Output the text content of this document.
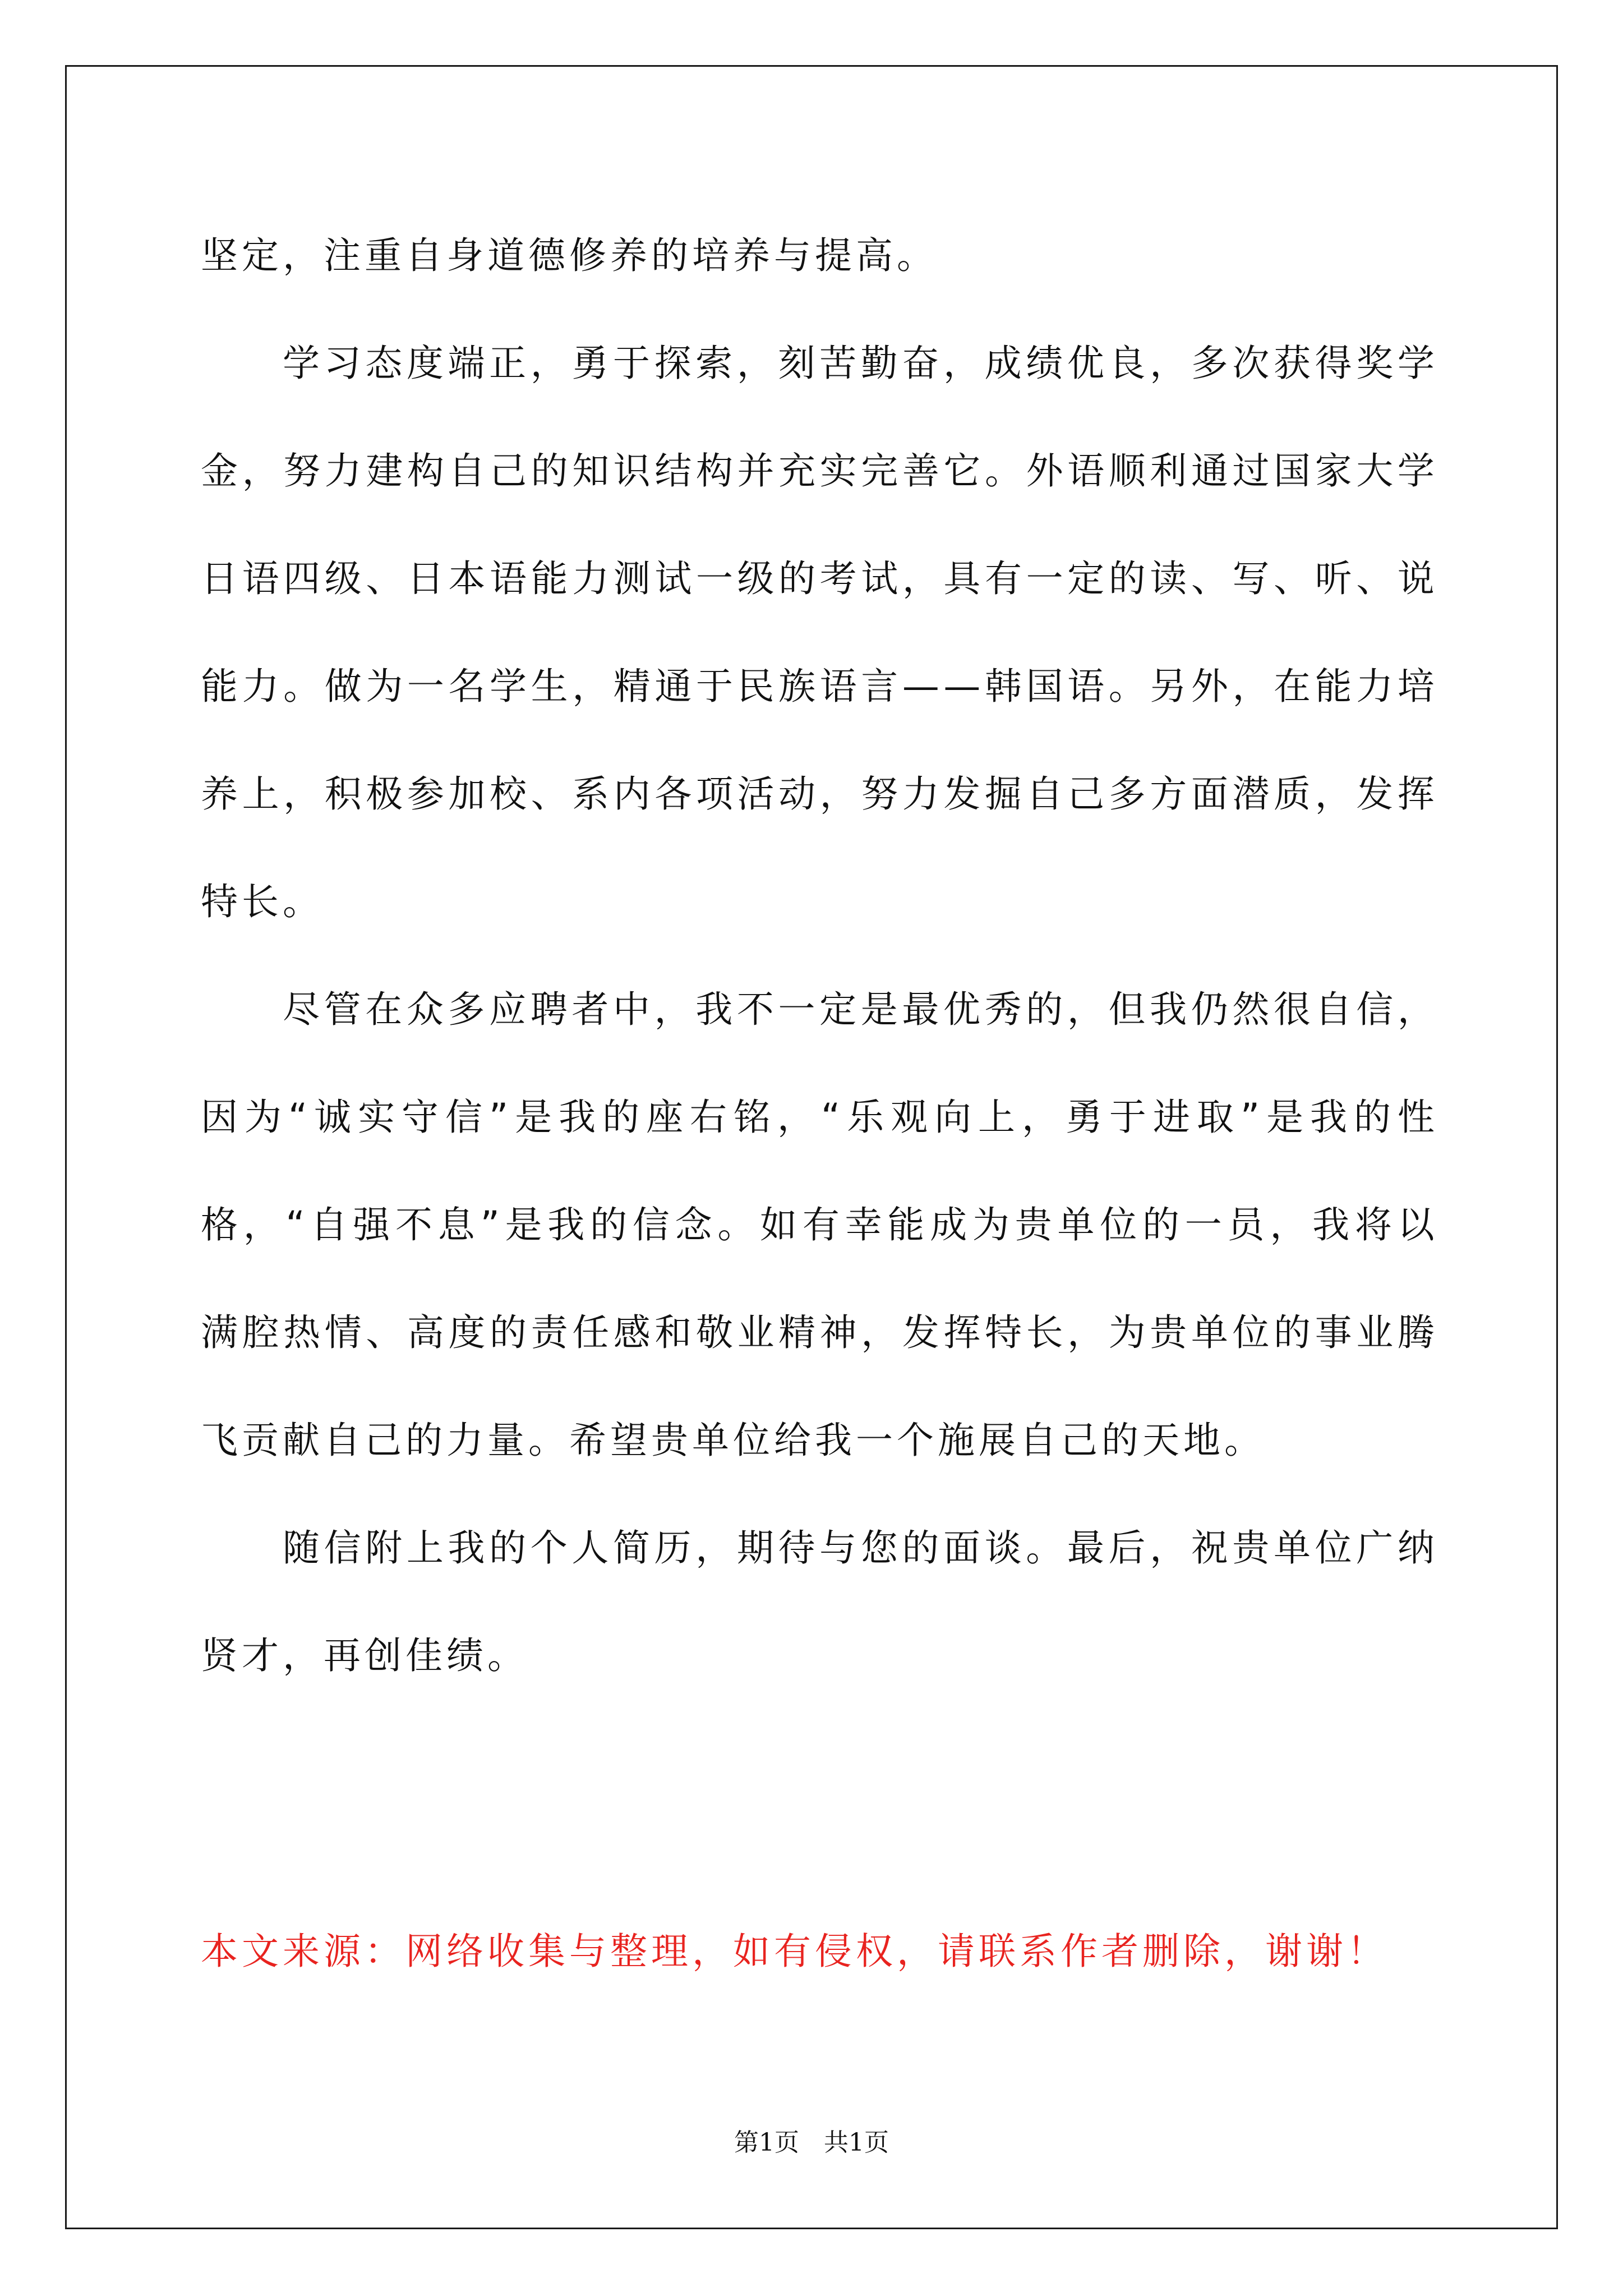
坚定，注重自身道德修养的培养与提高。
学 习 态 度 端 正 ， 勇 于 探 索 ， 刻 苦 勤 奋 ， 成 绩 优 良 ， 多 次 获 得 奖 学
金 ， 努 力 建 构 自 己 的 知 识 结 构 并 充 实 完 善 它 。 外 语 顺 利 通 过 国 家 大 学
日 语 四 级 、 日 本 语 能 力 测 试 一 级 的 考 试 ， 具 有 一 定 的 读 、 写 、 听 、 说
能 力 。 做 为 一 名 学 生 ， 精 通 于 民 族 语 言 — — 韩 国 语 。 另 外 ， 在 能 力 培
养 上 ， 积 极 参 加 校 、 系 内 各 项 活 动 ， 努 力 发 掘 自 己 多 方 面 潜 质 ， 发 挥
特长。
尽 管 在 众 多 应 聘 者 中 ， 我 不 一 定 是 最 优 秀 的 ， 但 我 仍 然 很 自 信 ，
因 为 “ 诚 实 守 信 ” 是 我 的 座 右 铭 ， “ 乐 观 向 上 ， 勇 于 进 取 ” 是 我 的 性
格 ， “ 自 强 不 息 ” 是 我 的 信 念 。 如 有 幸 能 成 为 贵 单 位 的 一 员 ， 我 将 以
满 腔 热 情 、 高 度 的 责 任 感 和 敬 业 精 神 ， 发 挥 特 长 ， 为 贵 单 位 的 事 业 腾
飞贡献自己的力量。希望贵单位给我一个施展自己的天地。
随 信 附 上 我 的 个 人 简 历 ， 期 待 与 您 的 面 谈 。 最 后 ， 祝 贵 单 位 广 纳
贤才，再创佳绩。
本文来源：网络收集与整理，如有侵权，请联系作者删除，谢谢！
第1页　共1页
